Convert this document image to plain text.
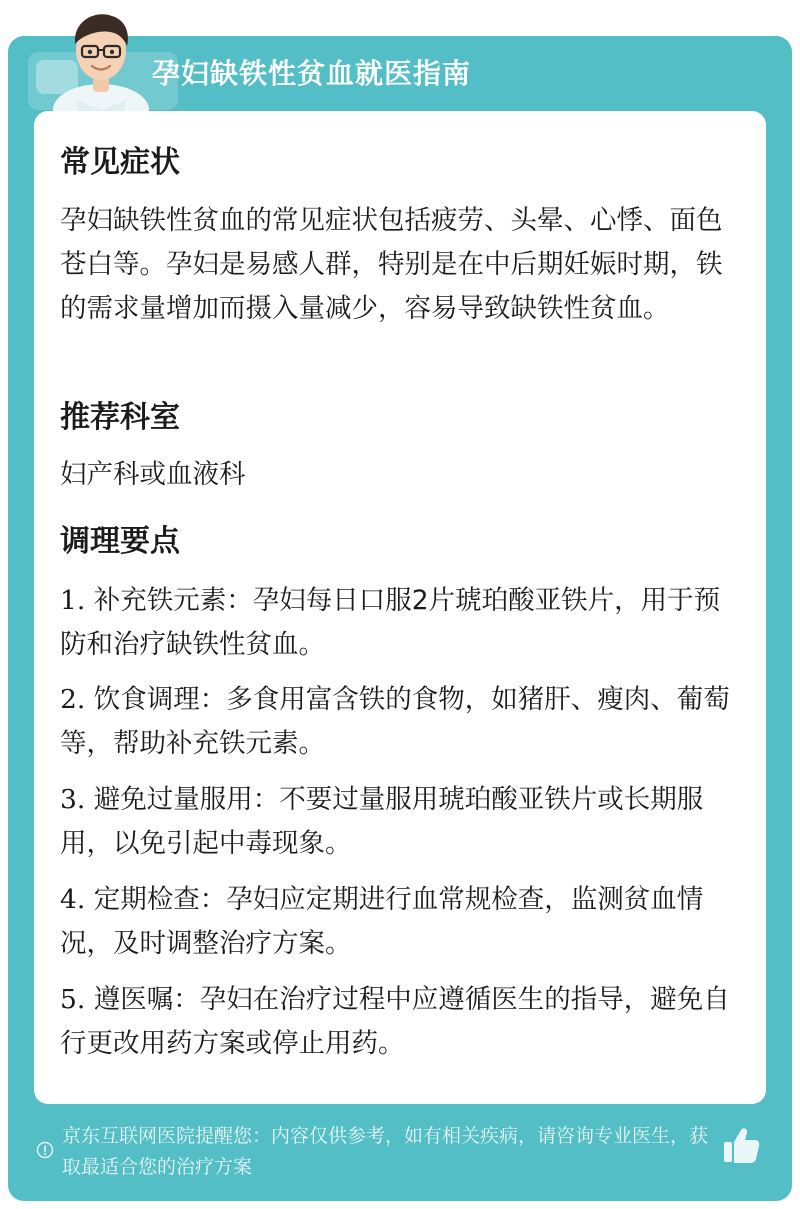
孕妇缺铁性贫血就医指南
常见症状
孕妇缺铁性贫血的常见症状包括疲劳、头晕、心悸、面色苍白等。孕妇是易感人群，特别是在中后期妊娠时期，铁的需求量增加而摄入量减少，容易导致缺铁性贫血。
推荐科室
妇产科或血液科
调理要点
1. 补充铁元素：孕妇每日口服2片琥珀酸亚铁片，用于预防和治疗缺铁性贫血。
2. 饮食调理：多食用富含铁的食物，如猪肝、瘦肉、葡萄等，帮助补充铁元素。
3. 避免过量服用：不要过量服用琥珀酸亚铁片或长期服用，以免引起中毒现象。
4. 定期检查：孕妇应定期进行血常规检查，监测贫血情况，及时调整治疗方案。
5. 遵医嘱：孕妇在治疗过程中应遵循医生的指导，避免自行更改用药方案或停止用药。
京东互联网医院提醒您：内容仅供参考，如有相关疾病，请咨询专业医生，获取最适合您的治疗方案
